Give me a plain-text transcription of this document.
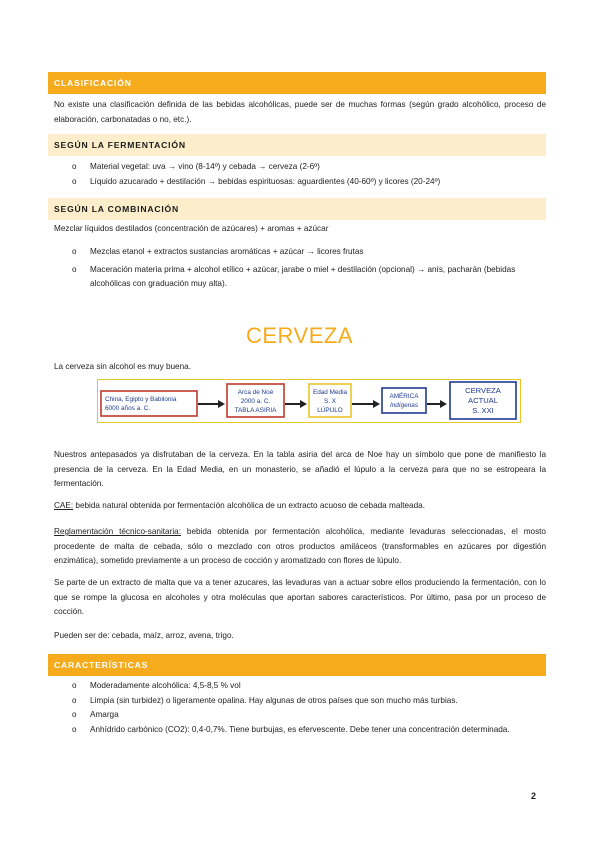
CLASIFICACIÓN

No existe una clasificación definida de las bebidas alcohólicas, puede ser de muchas formas (según grado alcohólico, proceso de elaboración, carbonatadas o no, etc.).

SEGÚN LA FERMENTACIÓN
o Material vegetal: uva → vino (8-14º) y cebada → cerveza (2-6º)
o Líquido azucarado + destilación → bebidas espirituosas: aguardientes (40-60º) y licores (20-24º)
SEGÚN LA COMBINACIÓN

Mezclar líquidos destilados (concentración de azúcares) + aromas + azúcar

o Mezclas etanol + extractos sustancias aromáticas + azúcar → licores frutas
o Maceración materia prima + alcohol etílico + azúcar, jarabe o miel + destilación (opcional) → anís, pacharán (bebidas alcohólicas con graduación muy alta).
CERVEZA

La cerveza sin alcohol es muy buena.

China, Egipto y Babilonia
6000 años a. C.
Arca de Noé
2000 a. C.
TABLA ASIRIA
Edad Media
S. X
LÚPULO
AMÉRICA
Indígenas
CERVEZA
ACTUAL
S. XXI

Nuestros antepasados ya disfrutaban de la cerveza. En la tabla asiria del arca de Noe hay un símbolo que pone de manifiesto la presencia de la cerveza. En la Edad Media, en un monasterio, se añadió el lúpulo a la cerveza para que no se estropeara la fermentación.

CAE: bebida natural obtenida por fermentación alcohólica de un extracto acuoso de cebada malteada.

Reglamentación técnico-sanitaria: bebida obtenida por fermentación alcohólica, mediante levaduras seleccionadas, el mosto procedente de malta de cebada, sólo o mezclado con otros productos amiláceos (transformables en azúcares por digestión enzimática), sometido previamente a un proceso de cocción y aromatizado con flores de lúpulo.

Se parte de un extracto de malta que va a tener azucares, las levaduras van a actuar sobre ellos produciendo la fermentación, con lo que se rompe la glucosa en alcoholes y otra moléculas que aportan sabores característicos. Por último, pasa por un proceso de cocción.

Pueden ser de: cebada, maíz, arroz, avena, trigo.

CARACTERÍSTICAS
o Moderadamente alcohólica: 4,5-8,5 % vol
o Limpia (sin turbidez) o ligeramente opalina. Hay algunas de otros países que son mucho más turbias.
o Amarga
o Anhídrido carbónico (CO2): 0,4-0,7%. Tiene burbujas, es efervescente. Debe tener una concentración determinada.
2
